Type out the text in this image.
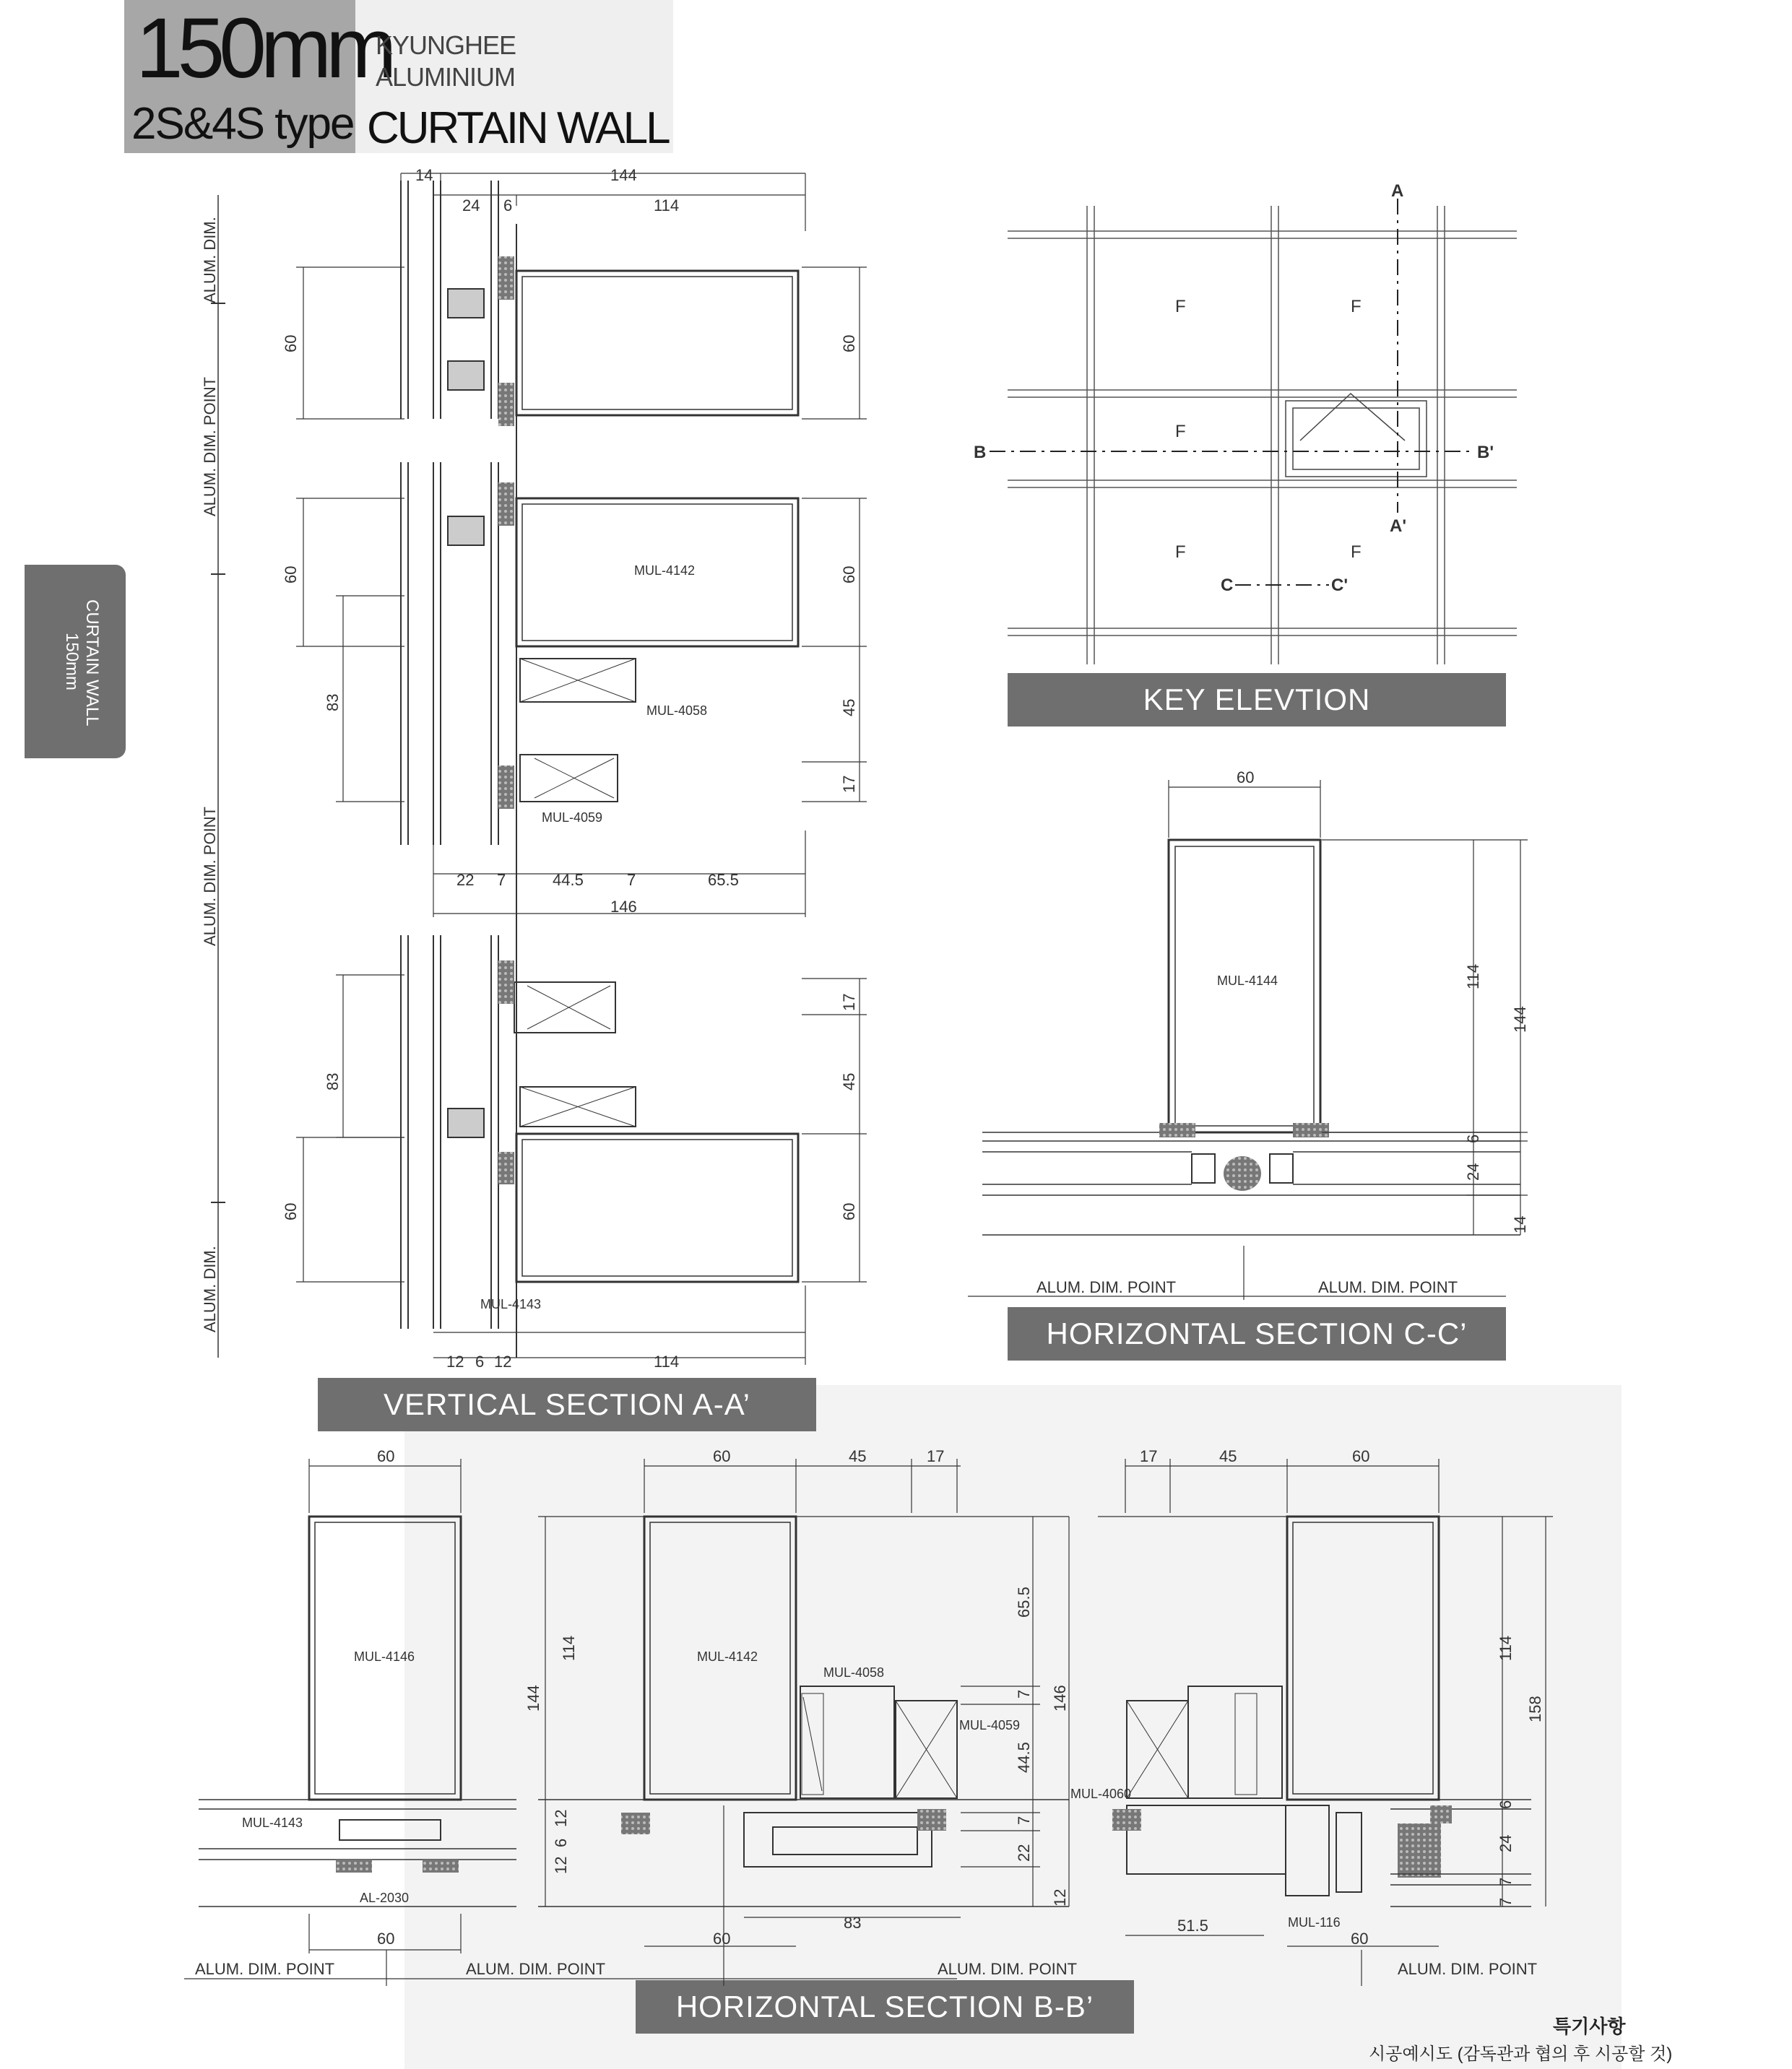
150mm
2S&4S type
KYUNGHEE
ALUMINIUM
CURTAIN WALL
CURTAIN WALL
150mm
VERTICAL SECTION A-A’
KEY ELEVTION
HORIZONTAL SECTION C-C’
HORIZONTAL SECTION B-B’
특기사항
시공예시도 (감독관과 협의 후 시공할 것)
ALUM. DIM.
ALUM. DIM. POINT
ALUM. DIM. POINT
ALUM. DIM.
14	144
24 6	114
60	60
60	60
83	45
17
MUL-4142
MUL-4058
MUL-4059
22 7	44.5	7	65.5
146
17
45
83
60	60
MUL-4143
12 6 12	114
A
A'
B	B'
C	C'
F	F
F
F	F
60
MUL-4144	114
144
6
24
14
ALUM. DIM. POINT	ALUM. DIM. POINT
60
MUL-4146
MUL-4143
AL-2030
60
ALUM. DIM. POINT	ALUM. DIM. POINT	ALUM. DIM. POINT	ALUM. DIM. POINT
144
114
12
6
12
60	45	17
MUL-4142
MUL-4058
MUL-4059
65.5
7
44.5
7
22
12
146
83
60
17	45	60
MUL-4060
MUL-116
51.5
60
114
158
6
24
7
7
